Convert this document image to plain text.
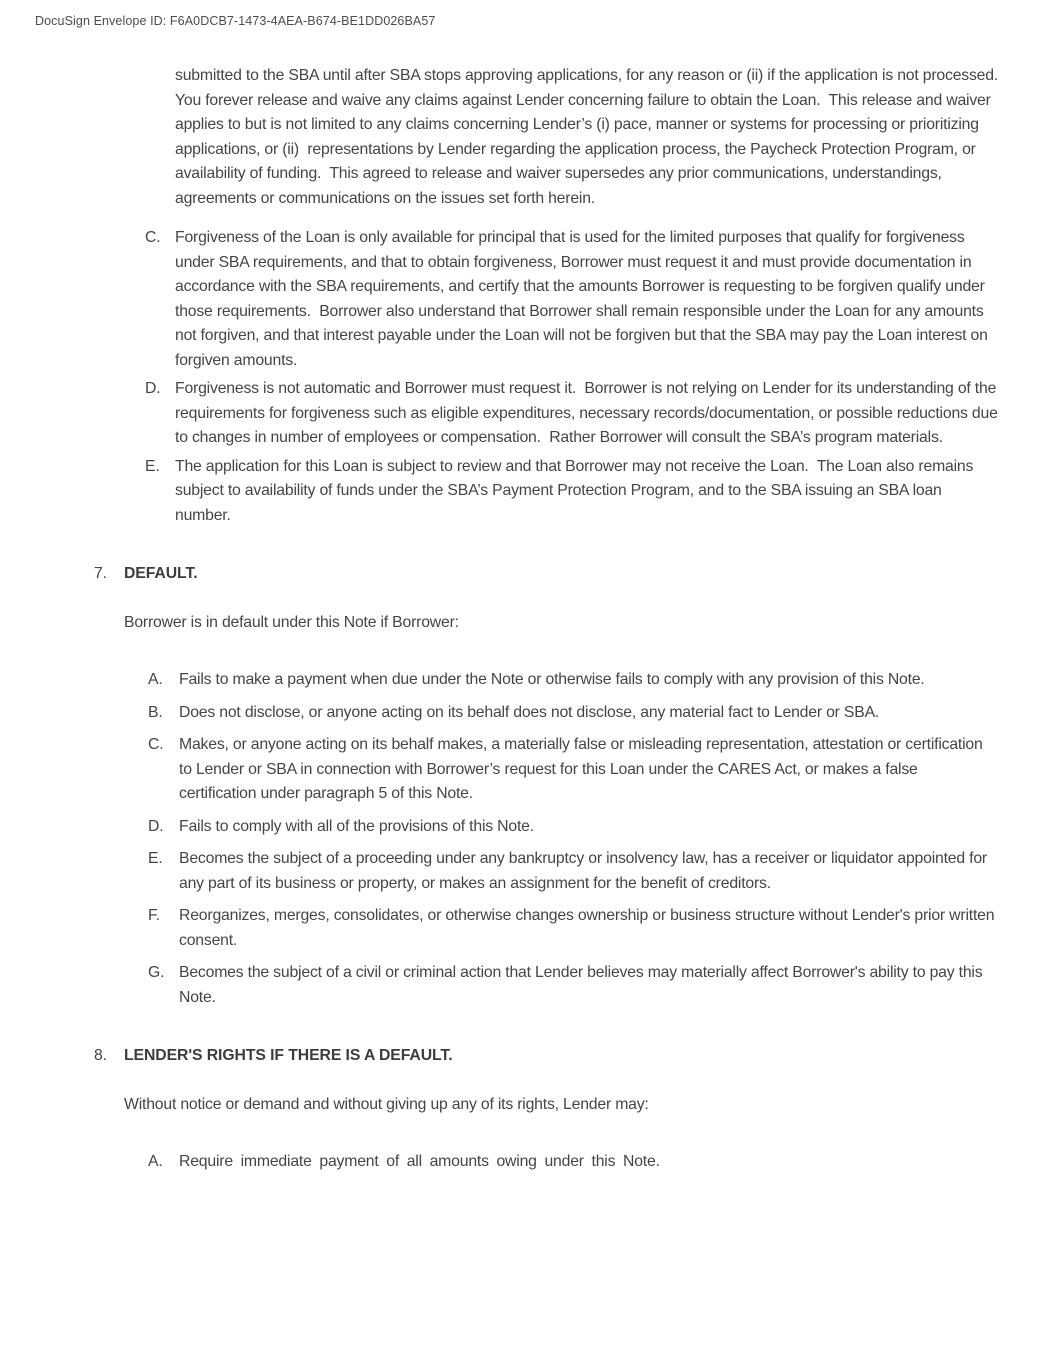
DocuSign Envelope ID: F6A0DCB7-1473-4AEA-B674-BE1DD026BA57
submitted to the SBA until after SBA stops approving applications, for any reason or (ii) if the application is not processed. You forever release and waive any claims against Lender concerning failure to obtain the Loan.  This release and waiver applies to but is not limited to any claims concerning Lender’s (i) pace, manner or systems for processing or prioritizing applications, or (ii)  representations by Lender regarding the application process, the Paycheck Protection Program, or availability of funding.  This agreed to release and waiver supersedes any prior communications, understandings, agreements or communications on the issues set forth herein.
C. Forgiveness of the Loan is only available for principal that is used for the limited purposes that qualify for forgiveness under SBA requirements, and that to obtain forgiveness, Borrower must request it and must provide documentation in accordance with the SBA requirements, and certify that the amounts Borrower is requesting to be forgiven qualify under those requirements.  Borrower also understand that Borrower shall remain responsible under the Loan for any amounts not forgiven, and that interest payable under the Loan will not be forgiven but that the SBA may pay the Loan interest on forgiven amounts.
D. Forgiveness is not automatic and Borrower must request it.  Borrower is not relying on Lender for its understanding of the requirements for forgiveness such as eligible expenditures, necessary records/documentation, or possible reductions due to changes in number of employees or compensation.  Rather Borrower will consult the SBA’s program materials.
E. The application for this Loan is subject to review and that Borrower may not receive the Loan.  The Loan also remains subject to availability of funds under the SBA’s Payment Protection Program, and to the SBA issuing an SBA loan number.
7.	DEFAULT.
Borrower is in default under this Note if Borrower:
A.	Fails to make a payment when due under the Note or otherwise fails to comply with any provision of this Note.
B.	Does not disclose, or anyone acting on its behalf does not disclose, any material fact to Lender or SBA.
C. Makes, or anyone acting on its behalf makes, a materially false or misleading representation, attestation or certification to Lender or SBA in connection with Borrower’s request for this Loan under the CARES Act, or makes a false certification under paragraph 5 of this Note.
D. Fails to comply with all of the provisions of this Note.
E.	Becomes the subject of a proceeding under any bankruptcy or insolvency law, has a receiver or liquidator appointed for any part of its business or property, or makes an assignment for the benefit of creditors.
F.	Reorganizes, merges, consolidates, or otherwise changes ownership or business structure without Lender's prior written consent.
G. Becomes the subject of a civil or criminal action that Lender believes may materially affect Borrower's ability to pay this Note.
8.	LENDER'S RIGHTS IF THERE IS A DEFAULT.
Without notice or demand and without giving up any of its rights, Lender may:
A.	Require immediate payment of all amounts owing under this Note.
